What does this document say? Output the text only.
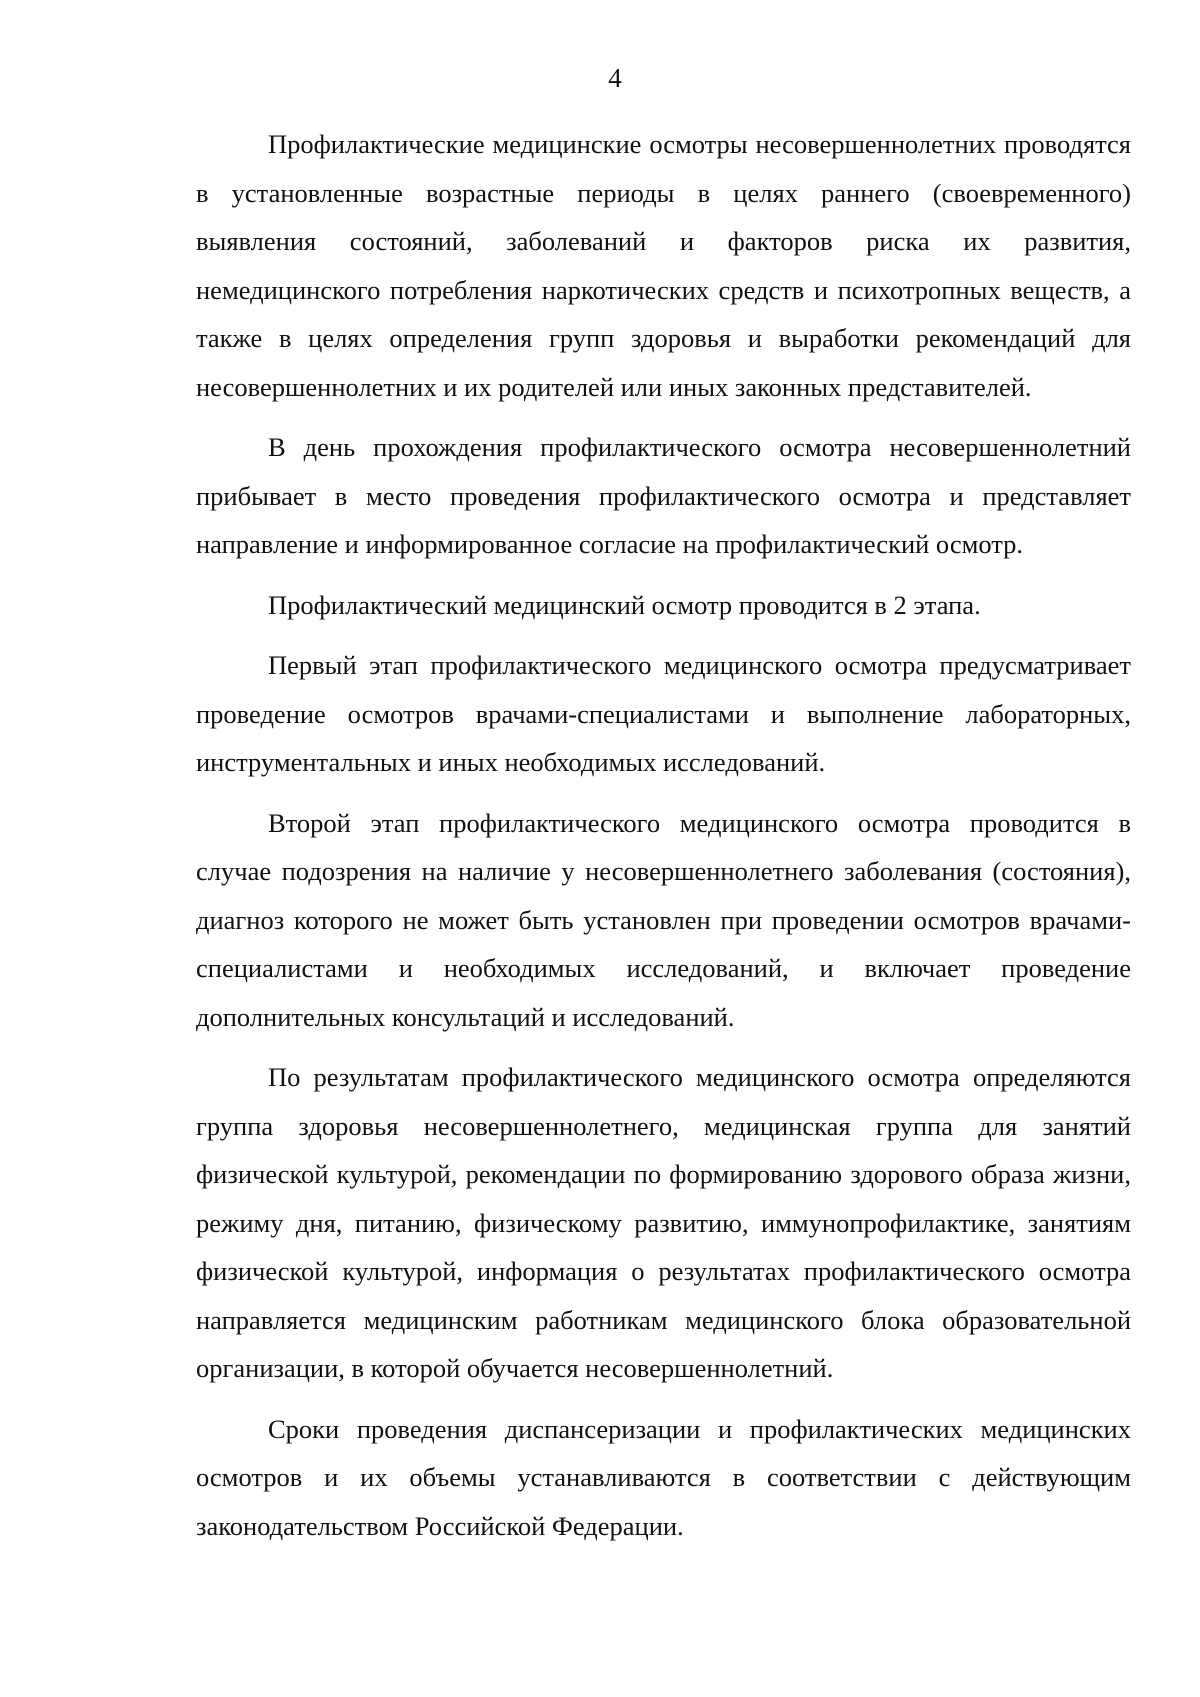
4

Профилактические медицинские осмотры несовершеннолетних проводятся в установленные возрастные периоды в целях раннего (своевременного) выявления состояний, заболеваний и факторов риска их развития, немедицинского потребления наркотических средств и психотропных веществ, а также в целях определения групп здоровья и выработки рекомендаций для несовершеннолетних и их родителей или иных законных представителей.

В день прохождения профилактического осмотра несовершеннолетний прибывает в место проведения профилактического осмотра и представляет направление и информированное согласие на профилактический осмотр.

Профилактический медицинский осмотр проводится в 2 этапа.

Первый этап профилактического медицинского осмотра предусматривает проведение осмотров врачами-специалистами и выполнение лабораторных, инструментальных и иных необходимых исследований.

Второй этап профилактического медицинского осмотра проводится в случае подозрения на наличие у несовершеннолетнего заболевания (состояния), диагноз которого не может быть установлен при проведении осмотров врачами-специалистами и необходимых исследований, и включает проведение дополнительных консультаций и исследований.

По результатам профилактического медицинского осмотра определяются группа здоровья несовершеннолетнего, медицинская группа для занятий физической культурой, рекомендации по формированию здорового образа жизни, режиму дня, питанию, физическому развитию, иммунопрофилактике, занятиям физической культурой, информация о результатах профилактического осмотра направляется медицинским работникам медицинского блока образовательной организации, в которой обучается несовершеннолетний.

Сроки проведения диспансеризации и профилактических медицинских осмотров и их объемы устанавливаются в соответствии с действующим законодательством Российской Федерации.
